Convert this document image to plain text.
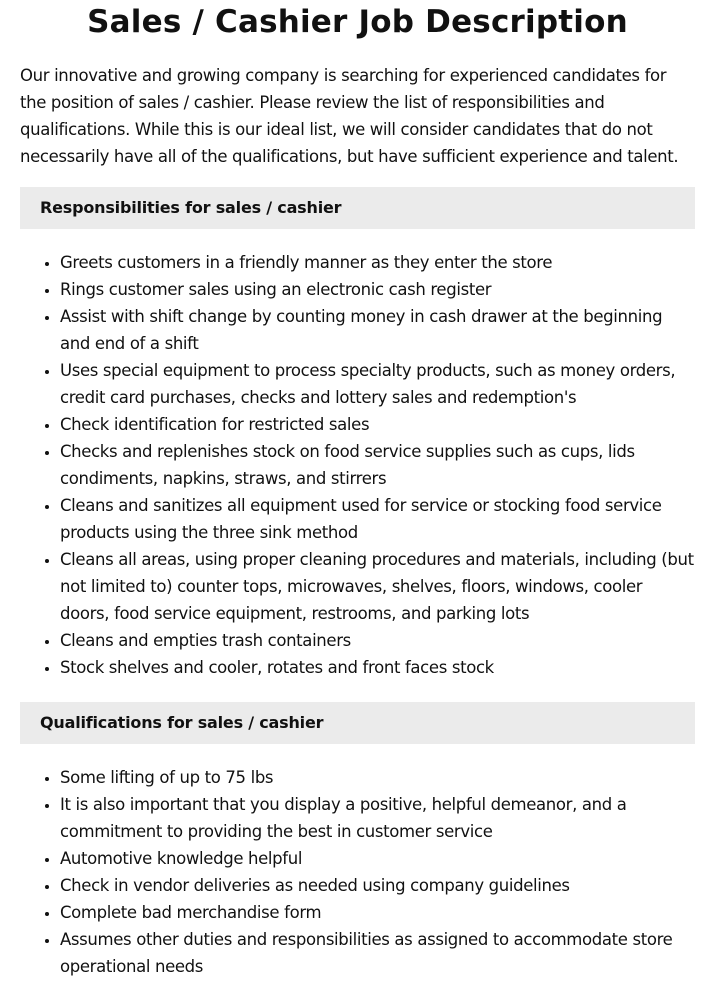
Sales / Cashier Job Description

Our innovative and growing company is searching for experienced candidates for the position of sales / cashier. Please review the list of responsibilities and qualifications. While this is our ideal list, we will consider candidates that do not necessarily have all of the qualifications, but have sufficient experience and talent.

Responsibilities for sales / cashier
• Greets customers in a friendly manner as they enter the store
• Rings customer sales using an electronic cash register
• Assist with shift change by counting money in cash drawer at the beginning and end of a shift
• Uses special equipment to process specialty products, such as money orders, credit card purchases, checks and lottery sales and redemption's
• Check identification for restricted sales
• Checks and replenishes stock on food service supplies such as cups, lids condiments, napkins, straws, and stirrers
• Cleans and sanitizes all equipment used for service or stocking food service products using the three sink method
• Cleans all areas, using proper cleaning procedures and materials, including (but not limited to) counter tops, microwaves, shelves, floors, windows, cooler doors, food service equipment, restrooms, and parking lots
• Cleans and empties trash containers
• Stock shelves and cooler, rotates and front faces stock
Qualifications for sales / cashier
• Some lifting of up to 75 lbs
• It is also important that you display a positive, helpful demeanor, and a commitment to providing the best in customer service
• Automotive knowledge helpful
• Check in vendor deliveries as needed using company guidelines
• Complete bad merchandise form
• Assumes other duties and responsibilities as assigned to accommodate store operational needs
